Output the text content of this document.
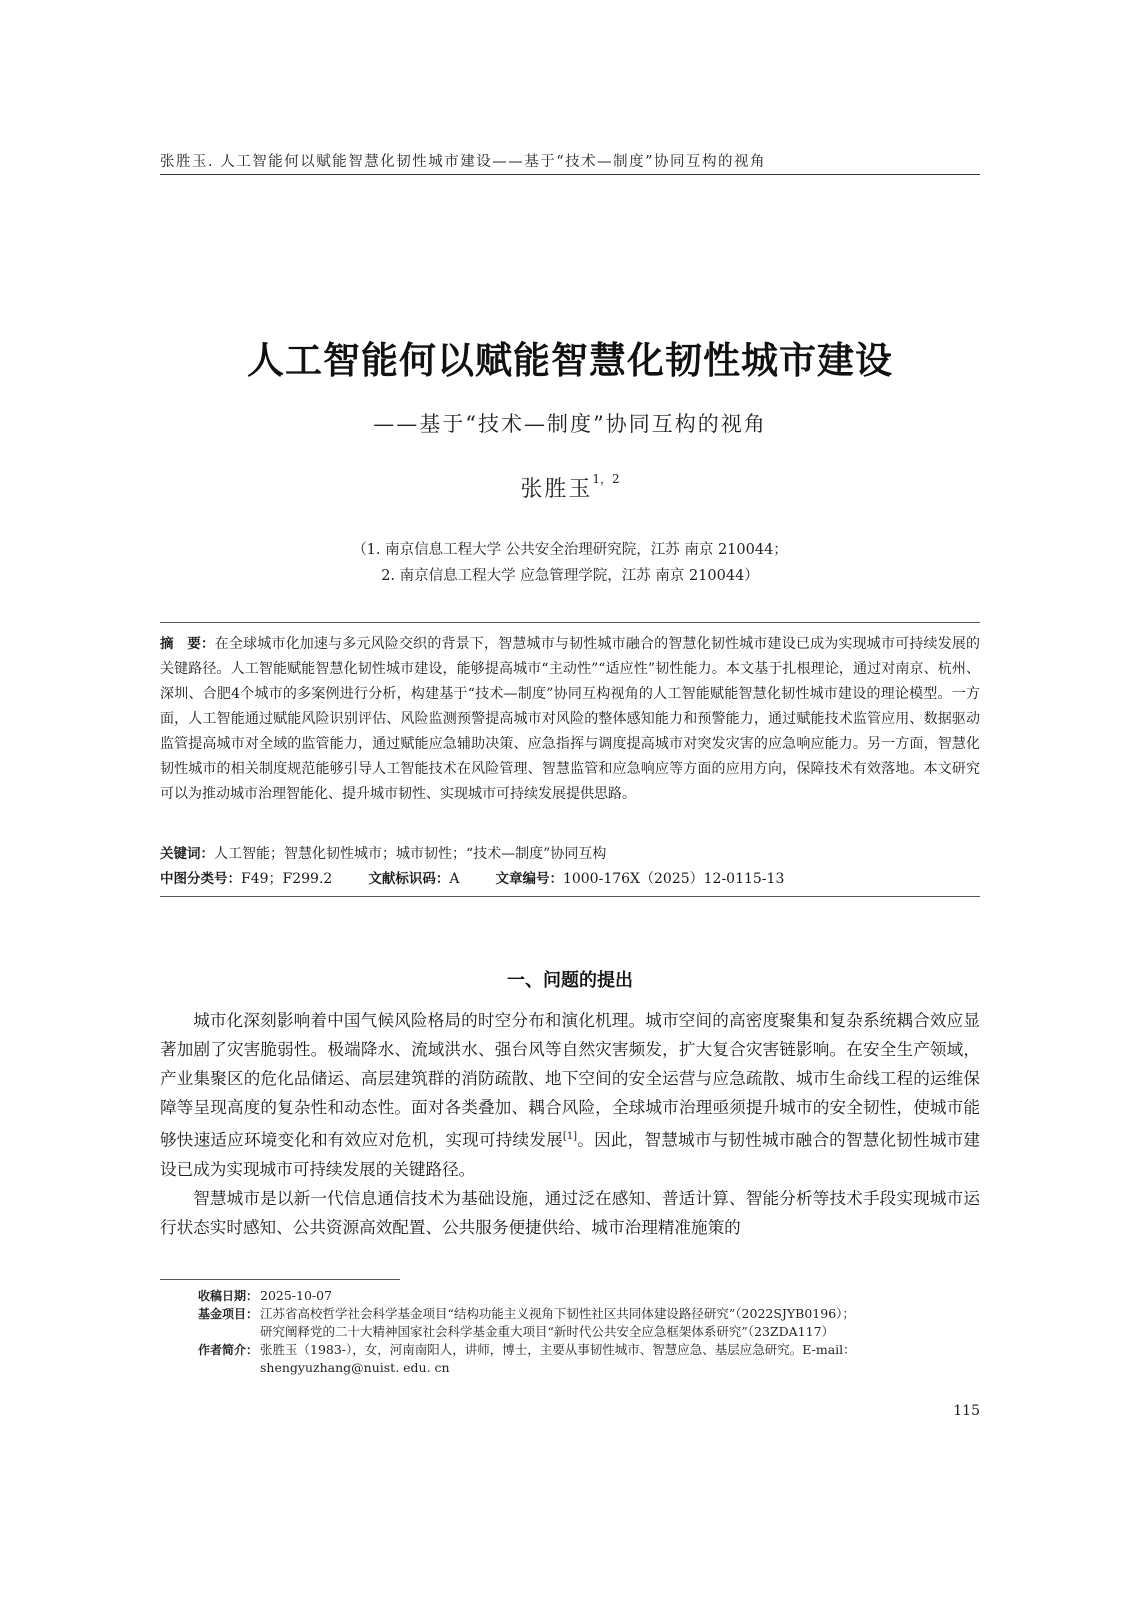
张胜玉. 人工智能何以赋能智慧化韧性城市建设——基于“技术—制度”协同互构的视角
人工智能何以赋能智慧化韧性城市建设
——基于“技术—制度”协同互构的视角
张胜玉$^{1,2}$
（1. 南京信息工程大学 公共安全治理研究院，江苏 南京 210044；
2. 南京信息工程大学 应急管理学院，江苏 南京 210044）
摘　要：在全球城市化加速与多元风险交织的背景下，智慧城市与韧性城市融合的智慧化韧性城市建设已成为实现城市可持续发展的关键路径。人工智能赋能智慧化韧性城市建设，能够提高城市“主动性”“适应性”韧性能力。本文基于扎根理论，通过对南京、杭州、深圳、合肥4个城市的多案例进行分析，构建基于“技术—制度”协同互构视角的人工智能赋能智慧化韧性城市建设的理论模型。一方面，人工智能通过赋能风险识别评估、风险监测预警提高城市对风险的整体感知能力和预警能力，通过赋能技术监管应用、数据驱动监管提高城市对全域的监管能力，通过赋能应急辅助决策、应急指挥与调度提高城市对突发灾害的应急响应能力。另一方面，智慧化韧性城市的相关制度规范能够引导人工智能技术在风险管理、智慧监管和应急响应等方面的应用方向，保障技术有效落地。本文研究可以为推动城市治理智能化、提升城市韧性、实现城市可持续发展提供思路。
关键词：人工智能；智慧化韧性城市；城市韧性；“技术—制度”协同互构
中图分类号：F49；F299.2	文献标识码：A	文章编号：1000-176X（2025）12-0115-13
一、问题的提出

城市化深刻影响着中国气候风险格局的时空分布和演化机理。城市空间的高密度聚集和复杂系统耦合效应显著加剧了灾害脆弱性。极端降水、流域洪水、强台风等自然灾害频发，扩大复合灾害链影响。在安全生产领域，产业集聚区的危化品储运、高层建筑群的消防疏散、地下空间的安全运营与应急疏散、城市生命线工程的运维保障等呈现高度的复杂性和动态性。面对各类叠加、耦合风险，全球城市治理亟须提升城市的安全韧性，使城市能够快速适应环境变化和有效应对危机，实现可持续发展[1]。因此，智慧城市与韧性城市融合的智慧化韧性城市建设已成为实现城市可持续发展的关键路径。

智慧城市是以新一代信息通信技术为基础设施，通过泛在感知、普适计算、智能分析等技术手段实现城市运行状态实时感知、公共资源高效配置、公共服务便捷供给、城市治理精准施策的

收稿日期： 2025-10-07
基金项目： 江苏省高校哲学社会科学基金项目“结构功能主义视角下韧性社区共同体建设路径研究”（2022SJYB0196）；
研究阐释党的二十大精神国家社会科学基金重大项目“新时代公共安全应急框架体系研究”（23ZDA117）
作者简介： 张胜玉（1983-），女，河南南阳人，讲师，博士，主要从事韧性城市、智慧应急、基层应急研究。E-mail：
shengyuzhang@nuist. edu. cn
115
